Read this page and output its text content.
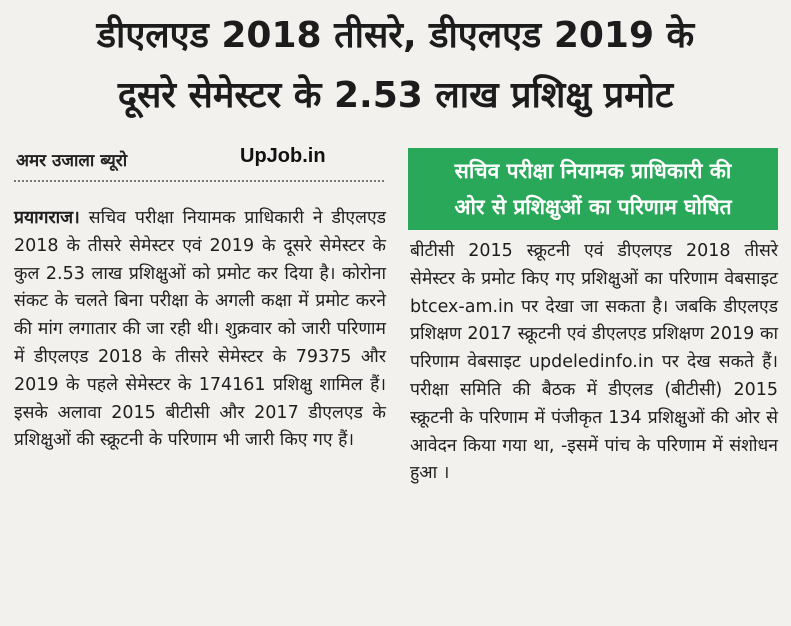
डीएलएड 2018 तीसरे, डीएलएड 2019 के
दूसरे सेमेस्टर के 2.53 लाख प्रशिक्षु प्रमोट
अमर उजाला ब्यूरो	UpJob.in
प्रयागराज। सचिव परीक्षा नियामक प्राधिकारी ने डीएलएड 2018 के तीसरे सेमेस्टर एवं 2019 के दूसरे सेमेस्टर के कुल 2.53 लाख प्रशिक्षुओं को प्रमोट कर दिया है। कोरोना संकट के चलते बिना परीक्षा के अगली कक्षा में प्रमोट करने की मांग लगातार की जा रही थी। शुक्रवार को जारी परिणाम में डीएलएड 2018 के तीसरे सेमेस्टर के 79375 और 2019 के पहले सेमेस्टर के 174161 प्रशिक्षु शामिल हैं। इसके अलावा 2015 बीटीसी और 2017 डीएलएड के प्रशिक्षुओं की स्क्रूटनी के परिणाम भी जारी किए गए हैं।
सचिव परीक्षा नियामक प्राधिकारी की
ओर से प्रशिक्षुओं का परिणाम घोषित
बीटीसी 2015 स्क्रूटनी एवं डीएलएड 2018 तीसरे सेमेस्टर के प्रमोट किए गए प्रशिक्षुओं का परिणाम वेबसाइट btcex-am.in पर देखा जा सकता है। जबकि डीएलएड प्रशिक्षण 2017 स्क्रूटनी एवं डीएलएड प्रशिक्षण 2019 का परिणाम वेबसाइट updeledinfo.in पर देख सकते हैं। परीक्षा समिति की बैठक में डीएलड (बीटीसी) 2015 स्क्रूटनी के परिणाम में पंजीकृत 134 प्रशिक्षुओं की ओर से आवेदन किया गया था, -इसमें पांच के परिणाम में संशोधन हुआ ।
